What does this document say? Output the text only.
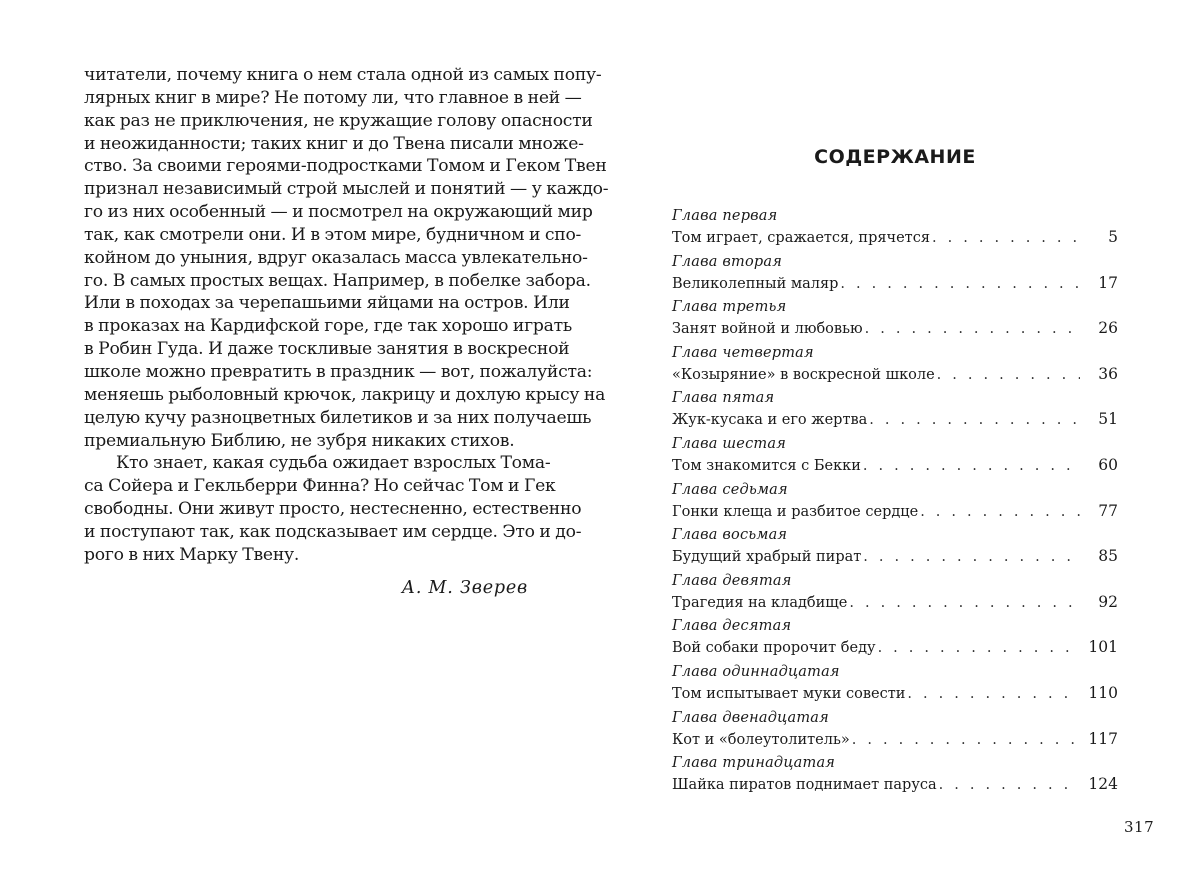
читатели, почему книга о нем стала одной из самых попу-
лярных книг в мире? Не потому ли, что главное в ней —
как раз не приключения, не кружащие голову опасности
и неожиданности; таких книг и до Твена писали множе-
ство. За своими героями-подростками Томом и Геком Твен
признал независимый строй мыслей и понятий — у каждо-
го из них особенный — и посмотрел на окружающий мир
так, как смотрели они. И в этом мире, будничном и спо-
койном до уныния, вдруг оказалась масса увлекательно-
го. В самых простых вещах. Например, в побелке забора.
Или в походах за черепашьими яйцами на остров. Или
в проказах на Кардифской горе, где так хорошо играть
в Робин Гуда. И даже тоскливые занятия в воскресной
школе можно превратить в праздник — вот, пожалуйста:
меняешь рыболовный крючок, лакрицу и дохлую крысу на
целую кучу разноцветных билетиков и за них получаешь
премиальную Библию, не зубря никаких стихов.

Кто знает, какая судьба ожидает взрослых Тома-
са Сойера и Гекльберри Финна? Но сейчас Том и Гек
свободны. Они живут просто, нестесненно, естественно
и поступают так, как подсказывает им сердце. Это и до-
рого в них Марку Твену.

А. М. Зверев
СОДЕРЖАНИЕ
Глава первая
Том играет, сражается, прячется . . .	5
Глава вторая
Великолепный маляр . . .	17
Глава третья
Занят войной и любовью . . .	26
Глава четвертая
«Козыряние» в воскресной школе . . .	36
Глава пятая
Жук-кусака и его жертва . . .	51
Глава шестая
Том знакомится с Бекки . . .	60
Глава седьмая
Гонки клеща и разбитое сердце . . .	77
Глава восьмая
Будущий храбрый пират . . .	85
Глава девятая
Трагедия на кладбище . . .	92
Глава десятая
Вой собаки пророчит беду . . .	101
Глава одиннадцатая
Том испытывает муки совести . . .	110
Глава двенадцатая
Кот и «болеутолитель» . . .	117
Глава тринадцатая
Шайка пиратов поднимает паруса . . .	124
317
